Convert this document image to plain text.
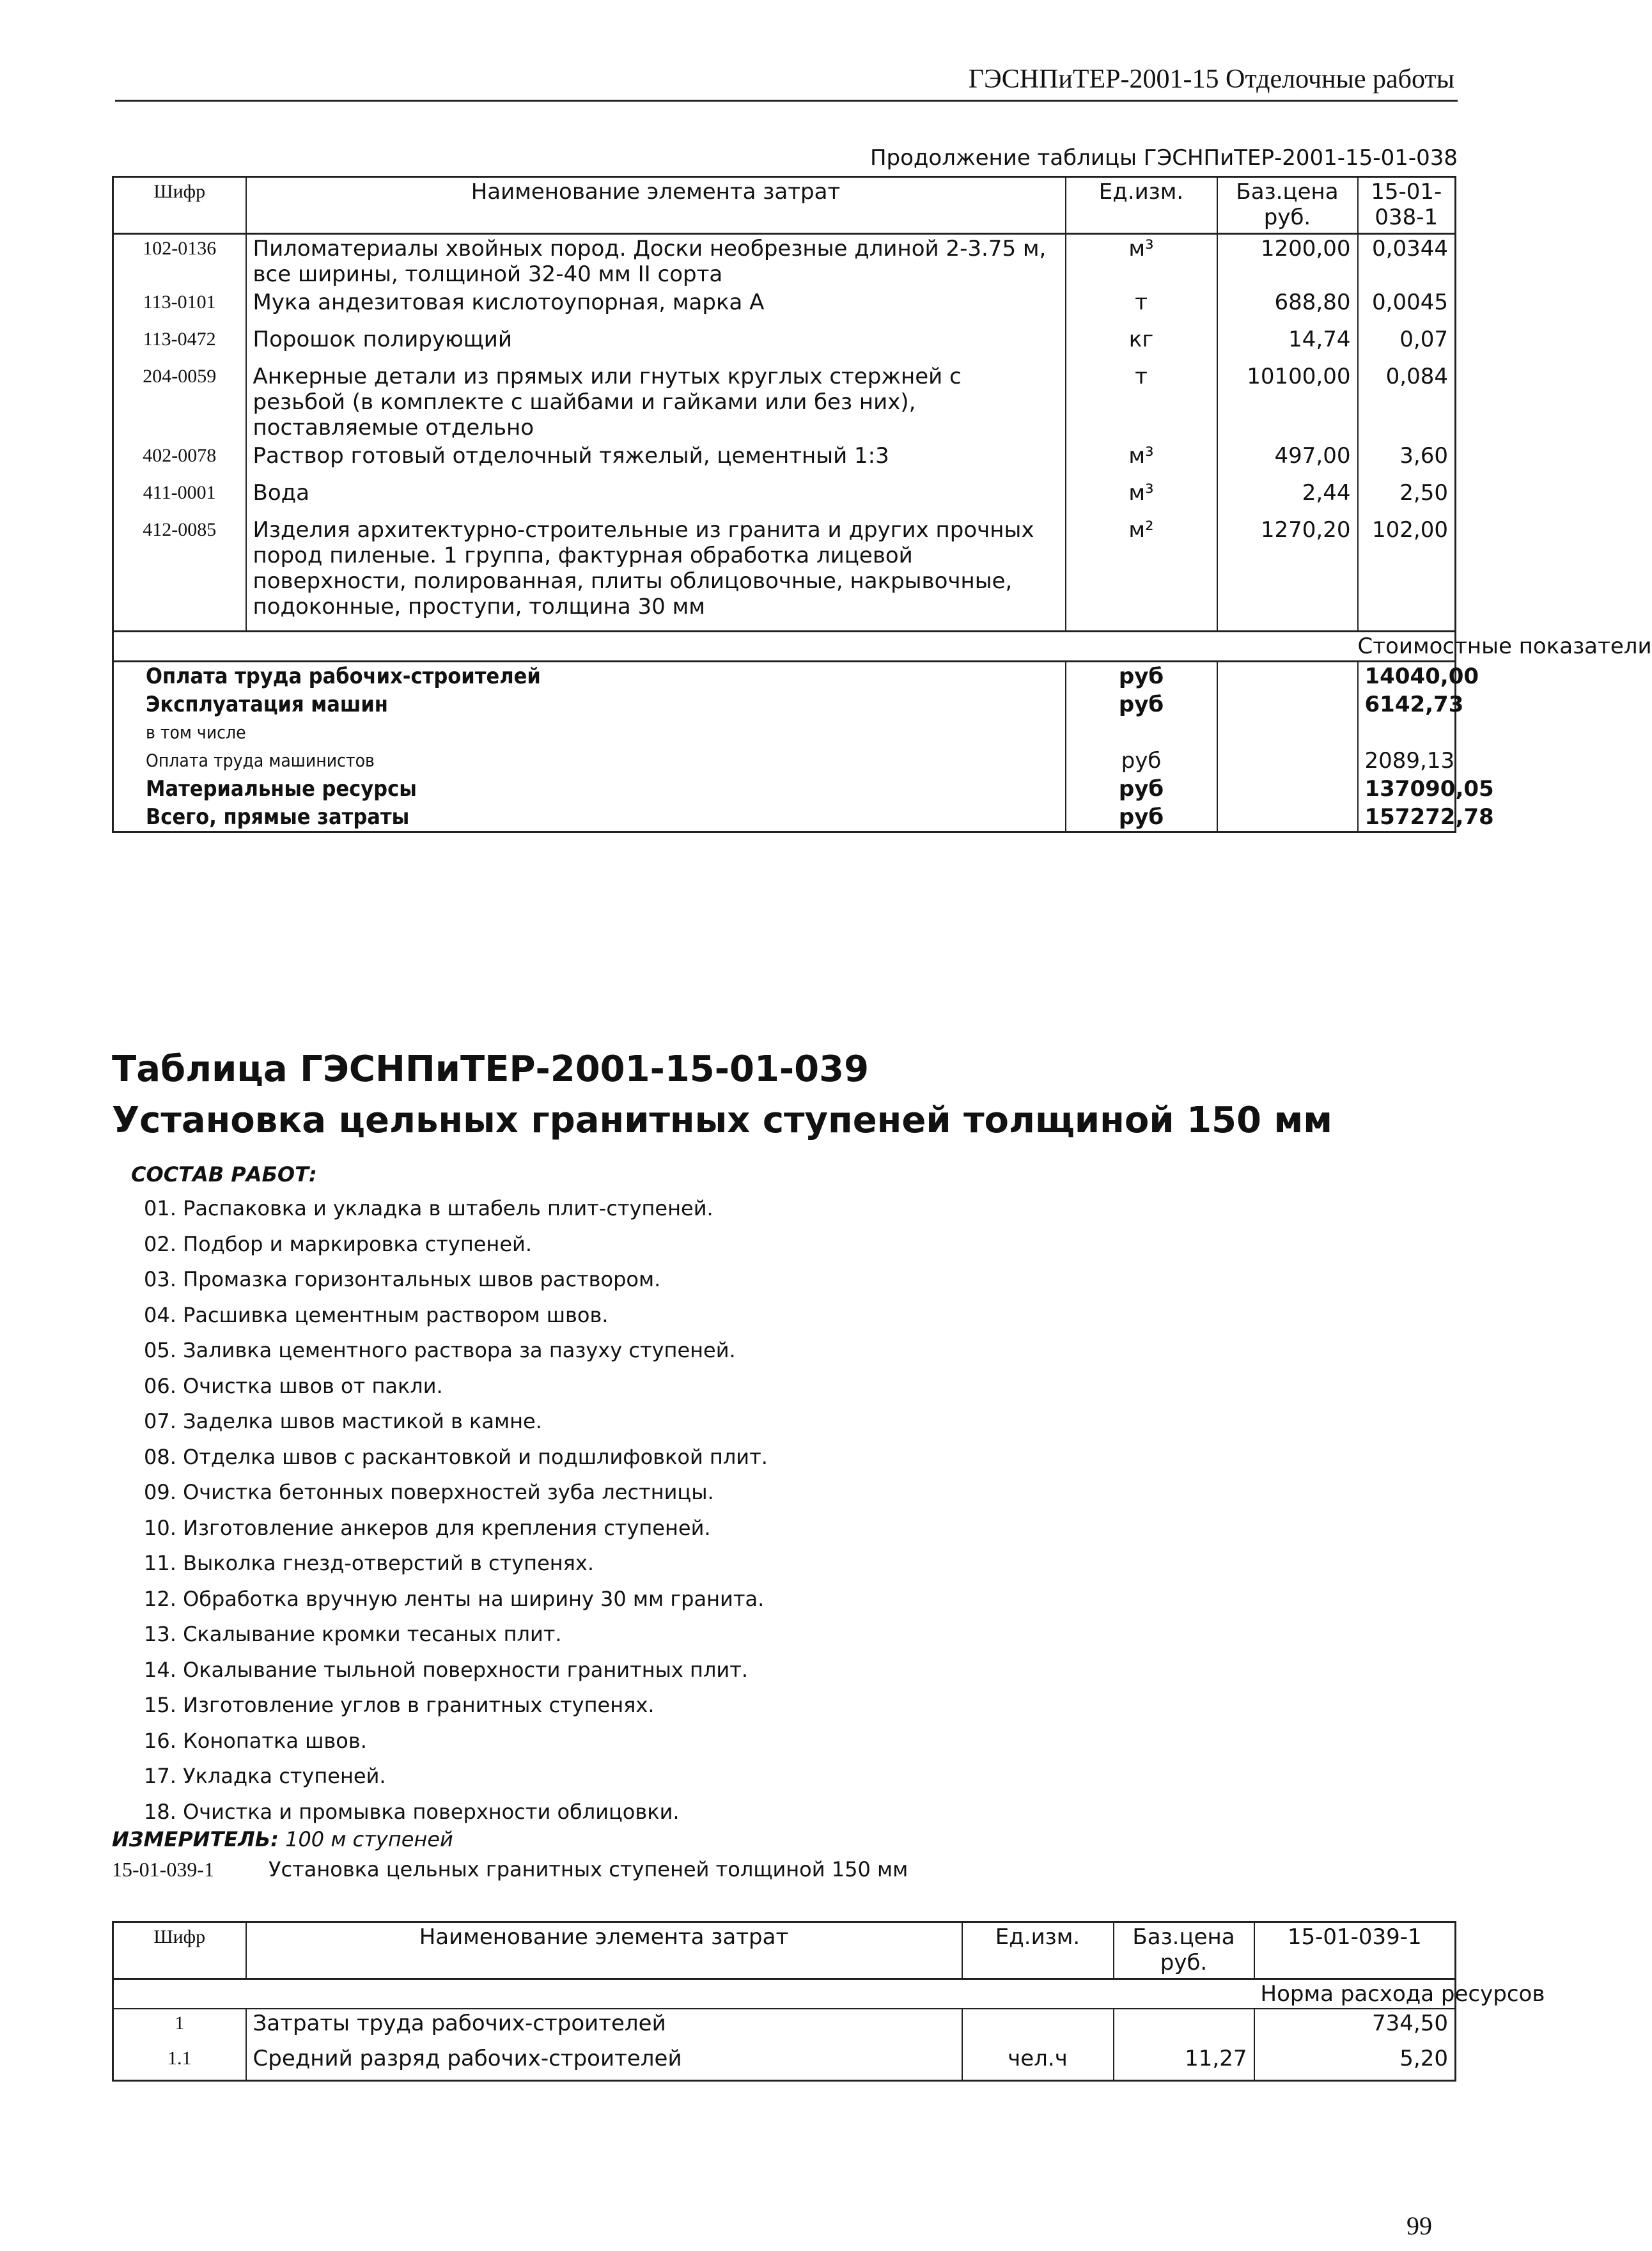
ГЭСНПиТЕР-2001-15 Отделочные работы
Продолжение таблицы ГЭСНПиТЕР-2001-15-01-038
Шифр	Наименование элемента затрат	Ед.изм.	Баз.цена руб.	15-01-038-1
102-0136	Пиломатериалы хвойных пород. Доски необрезные длиной 2-3.75 м, все ширины, толщиной 32-40 мм II сорта	м³	1200,00	0,0344
113-0101	Мука андезитовая кислотоупорная, марка А	т	688,80	0,0045
113-0472	Порошок полирующий	кг	14,74	0,07
204-0059	Анкерные детали из прямых или гнутых круглых стержней с резьбой (в комплекте с шайбами и гайками или без них), поставляемые отдельно	т	10100,00	0,084
402-0078	Раствор готовый отделочный тяжелый, цементный 1:3	м³	497,00	3,60
411-0001	Вода	м³	2,44	2,50
412-0085	Изделия архитектурно-строительные из гранита и других прочных пород пиленые. 1 группа, фактурная обработка лицевой поверхности, полированная, плиты облицовочные, накрывочные, подоконные, проступи, толщина 30 мм	м²	1270,20	102,00

				Стоимостные показатели
Оплата труда рабочих-строителей		руб		14040,00
Эксплуатация машин		руб		6142,73
в том числе				
Оплата труда машинистов		руб		2089,13
Материальные ресурсы		руб		137090,05
Всего, прямые затраты		руб		157272,78
Таблица ГЭСНПиТЕР-2001-15-01-039
Установка цельных гранитных ступеней толщиной 150 мм
СОСТАВ РАБОТ:
01. Распаковка и укладка в штабель плит-ступеней.
02. Подбор и маркировка ступеней.
03. Промазка горизонтальных швов раствором.
04. Расшивка цементным раствором швов.
05. Заливка цементного раствора за пазуху ступеней.
06. Очистка швов от пакли.
07. Заделка швов мастикой в камне.
08. Отделка швов с раскантовкой и подшлифовкой плит.
09. Очистка бетонных поверхностей зуба лестницы.
10. Изготовление анкеров для крепления ступеней.
11. Выколка гнезд-отверстий в ступенях.
12. Обработка вручную ленты на ширину 30 мм гранита.
13. Скалывание кромки тесаных плит.
14. Окалывание тыльной поверхности гранитных плит.
15. Изготовление углов в гранитных ступенях.
16. Конопатка швов.
17. Укладка ступеней.
18. Очистка и промывка поверхности облицовки.
ИЗМЕРИТЕЛЬ: 100 м ступеней
15-01-039-1	Установка цельных гранитных ступеней толщиной 150 мм
Шифр	Наименование элемента затрат	Ед.изм.	Баз.цена руб.	15-01-039-1
				Норма расхода ресурсов
1	Затраты труда рабочих-строителей			734,50
1.1	Средний разряд рабочих-строителей	чел.ч	11,27	5,20
99
